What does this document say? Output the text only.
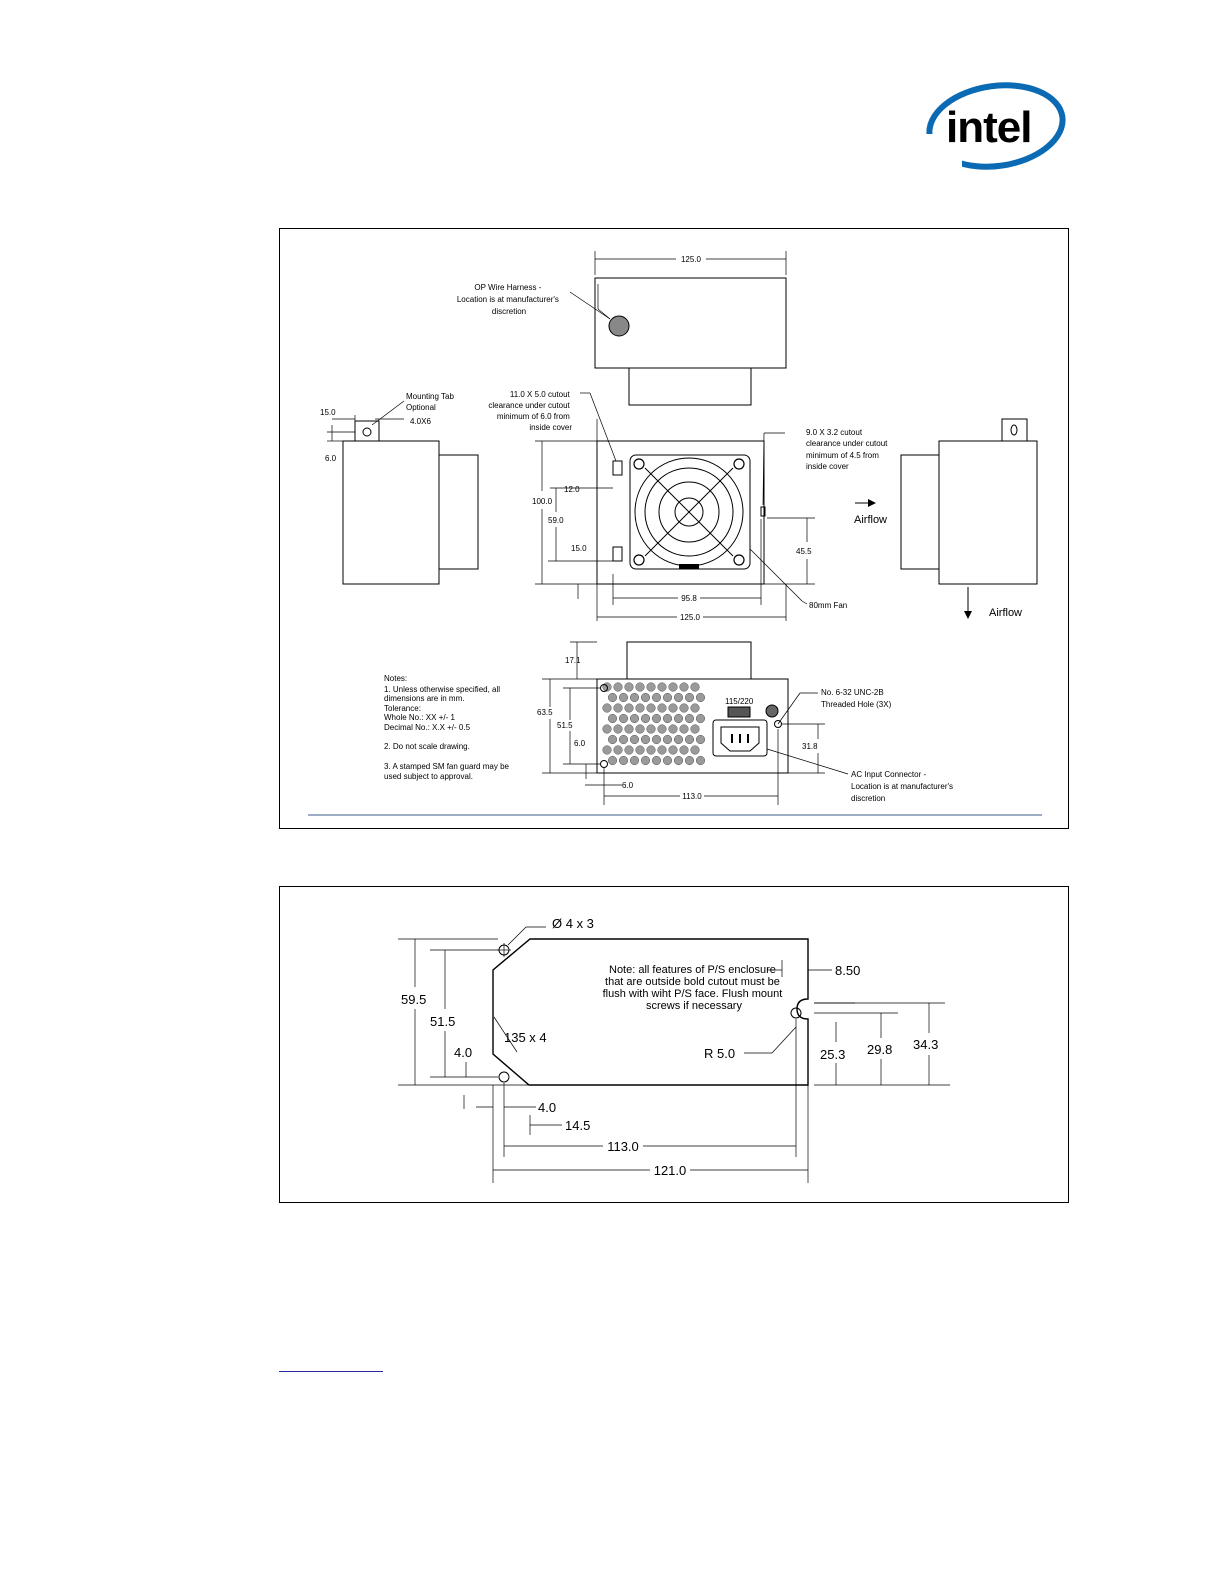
intel
125.0
OP Wire Harness - Location is at manufacturer's discretion
15.0
6.0
Mounting Tab Optional
4.0X6
100.0
59.0
12.0
15.0
95.8
125.0
45.5
11.0 X 5.0 cutout clearance under cutout minimum of 6.0 from inside cover
9.0 X 3.2 cutout clearance under cutout minimum of 4.5 from inside cover
80mm Fan
Airflow
Airflow
115/220
17.1
63.5
51.5
6.0
6.0
113.0
31.8
No. 6-32 UNC-2B Threaded Hole (3X)
AC Input Connector - Location is at manufacturer's discretion
Notes: 1. Unless otherwise specified, all dimensions are in mm. Tolerance: Whole No.: XX +/- 1 Decimal No.: X.X +/- 0.5 2. Do not scale drawing. 3. A stamped SM fan guard may be used subject to approval.
Ø 4 x 3
Note: all features of P/S enclosure that are outside bold cutout must be flush with wiht P/S face. Flush mount screws if necessary
59.5
51.5
4.0
135 x 4
8.50
R 5.0	25.3 29.8 34.3
4.0
14.5
113.0
121.0
